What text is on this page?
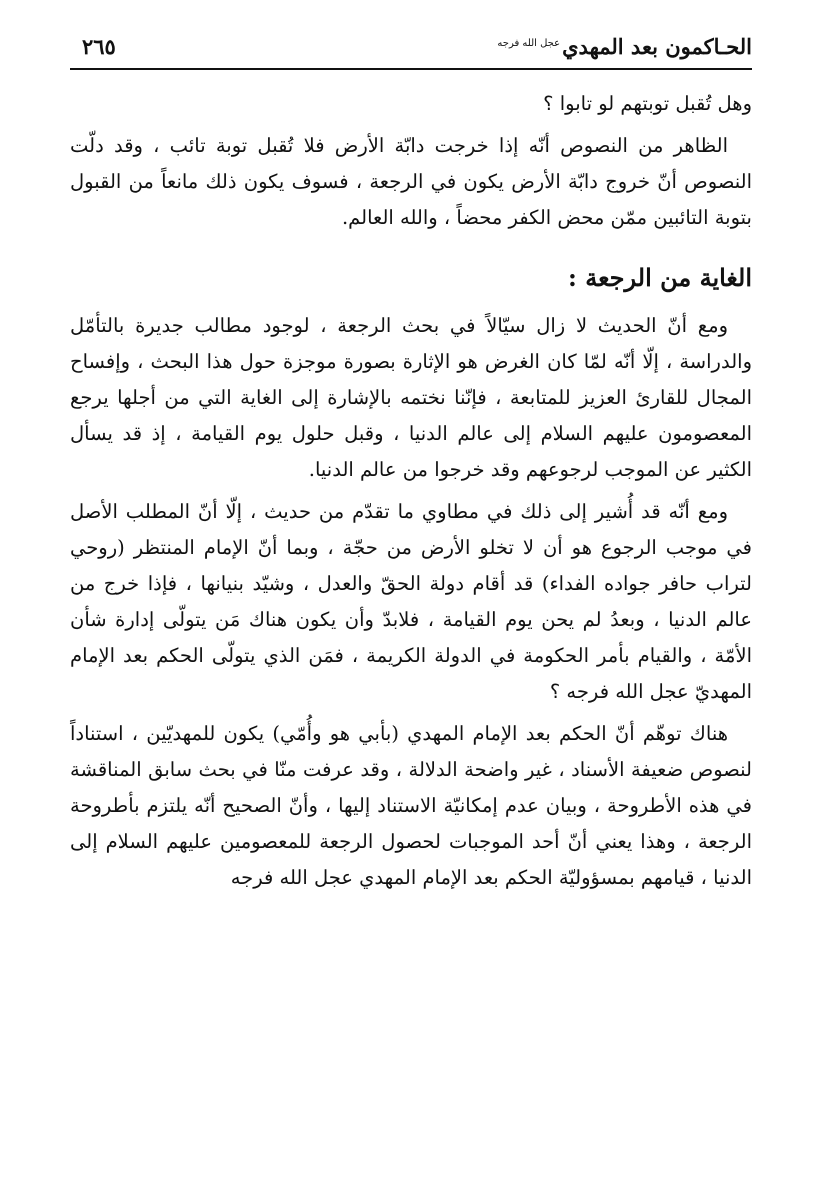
الحـاكمون بعد المهديعجل الله فرجه
٢٦٥

وهل تُقبل توبتهم لو تابوا ؟

الظاهر من النصوص أنّه إذا خرجت دابّة الأرض فلا تُقبل توبة تائب ، وقد دلّت النصوص أنّ خروج دابّة الأرض يكون في الرجعة ، فسوف يكون ذلك مانعاً من القبول بتوبة التائبين ممّن محض الكفر محضاً ، والله العالم.

الغاية من الرجعة :

ومع أنّ الحديث لا زال سيّالاً في بحث الرجعة ، لوجود مطالب جديرة بالتأمّل والدراسة ، إلّا أنّه لمّا كان الغرض هو الإثارة بصورة موجزة حول هذا البحث ، وإفساح المجال للقارئ العزيز للمتابعة ، فإنّنا نختمه بالإشارة إلى الغاية التي من أجلها يرجع المعصومون عليهم السلام إلى عالم الدنيا ، وقبل حلول يوم القيامة ، إذ قد يسأل الكثير عن الموجب لرجوعهم وقد خرجوا من عالم الدنيا.

ومع أنّه قد أُشير إلى ذلك في مطاوي ما تقدّم من حديث ، إلّا أنّ المطلب الأصل في موجب الرجوع هو أن لا تخلو الأرض من حجّة ، وبما أنّ الإمام المنتظر (روحي لتراب حافر جواده الفداء) قد أقام دولة الحقّ والعدل ، وشيّد بنيانها ، فإذا خرج من عالم الدنيا ، وبعدُ لم يحن يوم القيامة ، فلابدّ وأن يكون هناك مَن يتولّى إدارة شأن الأمّة ، والقيام بأمر الحكومة في الدولة الكريمة ، فمَن الذي يتولّى الحكم بعد الإمام المهديّ عجل الله فرجه ؟

هناك توهّم أنّ الحكم بعد الإمام المهدي (بأبي هو وأُمّي) يكون للمهديّين ، استناداً لنصوص ضعيفة الأسناد ، غير واضحة الدلالة ، وقد عرفت منّا في بحث سابق المناقشة في هذه الأطروحة ، وبيان عدم إمكانيّة الاستناد إليها ، وأنّ الصحيح أنّه يلتزم بأطروحة الرجعة ، وهذا يعني أنّ أحد الموجبات لحصول الرجعة للمعصومين عليهم السلام إلى الدنيا ، قيامهم بمسؤوليّة الحكم بعد الإمام المهدي عجل الله فرجه
